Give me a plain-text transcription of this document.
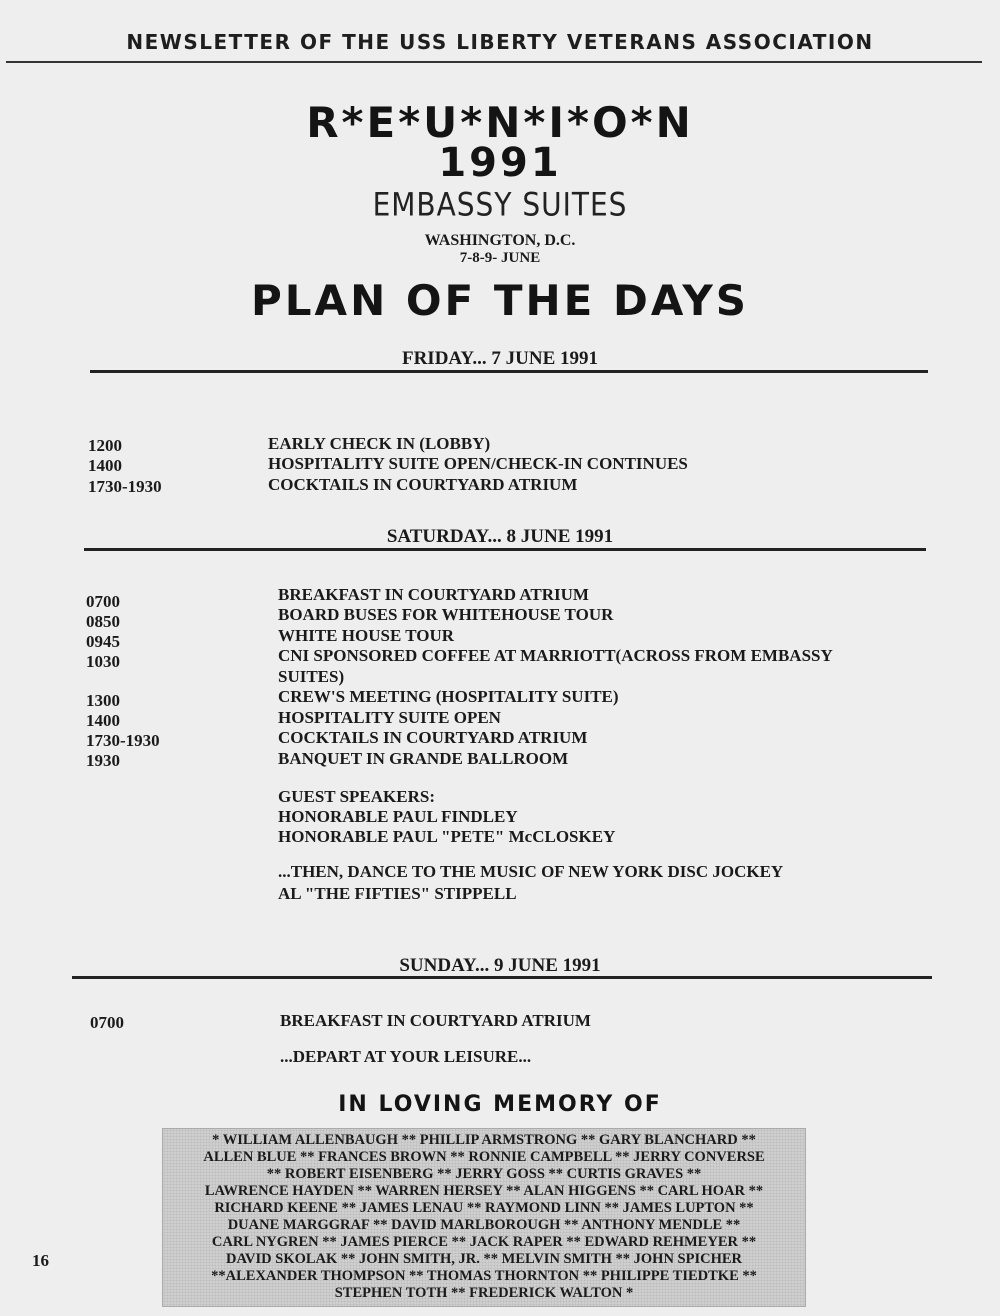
NEWSLETTER OF THE USS LIBERTY VETERANS ASSOCIATION
R*E*U*N*I*O*N
1991
EMBASSY SUITES
WASHINGTON, D.C.
7-8-9- JUNE
PLAN OF THE DAYS
FRIDAY... 7 JUNE 1991
1200	EARLY CHECK IN (LOBBY)
1400	HOSPITALITY SUITE OPEN/CHECK-IN CONTINUES
1730-1930	COCKTAILS IN COURTYARD ATRIUM
SATURDAY... 8 JUNE 1991
0700	BREAKFAST IN COURTYARD ATRIUM
0850	BOARD BUSES FOR WHITEHOUSE TOUR
0945	WHITE HOUSE TOUR
1030	CNI SPONSORED COFFEE AT MARRIOTT(ACROSS FROM EMBASSY
SUITES)
1300	CREW'S MEETING (HOSPITALITY SUITE)
1400	HOSPITALITY SUITE OPEN
1730-1930	COCKTAILS IN COURTYARD ATRIUM
1930	BANQUET IN GRANDE BALLROOM
GUEST SPEAKERS:
HONORABLE PAUL FINDLEY
HONORABLE PAUL "PETE" McCLOSKEY
...THEN, DANCE TO THE MUSIC OF NEW YORK DISC JOCKEY
AL "THE FIFTIES" STIPPELL
SUNDAY... 9 JUNE 1991
0700	BREAKFAST IN COURTYARD ATRIUM
...DEPART AT YOUR LEISURE...
IN LOVING MEMORY OF
* WILLIAM ALLENBAUGH ** PHILLIP ARMSTRONG ** GARY BLANCHARD **
ALLEN BLUE ** FRANCES BROWN ** RONNIE CAMPBELL ** JERRY CONVERSE
** ROBERT EISENBERG ** JERRY GOSS ** CURTIS GRAVES **
LAWRENCE HAYDEN ** WARREN HERSEY ** ALAN HIGGENS ** CARL HOAR **
RICHARD KEENE ** JAMES LENAU ** RAYMOND LINN ** JAMES LUPTON **
DUANE MARGGRAF ** DAVID MARLBOROUGH ** ANTHONY MENDLE **
CARL NYGREN ** JAMES PIERCE ** JACK RAPER ** EDWARD REHMEYER **
DAVID SKOLAK ** JOHN SMITH, JR. ** MELVIN SMITH ** JOHN SPICHER
**ALEXANDER THOMPSON ** THOMAS THORNTON ** PHILIPPE TIEDTKE **
STEPHEN TOTH ** FREDERICK WALTON *
16
